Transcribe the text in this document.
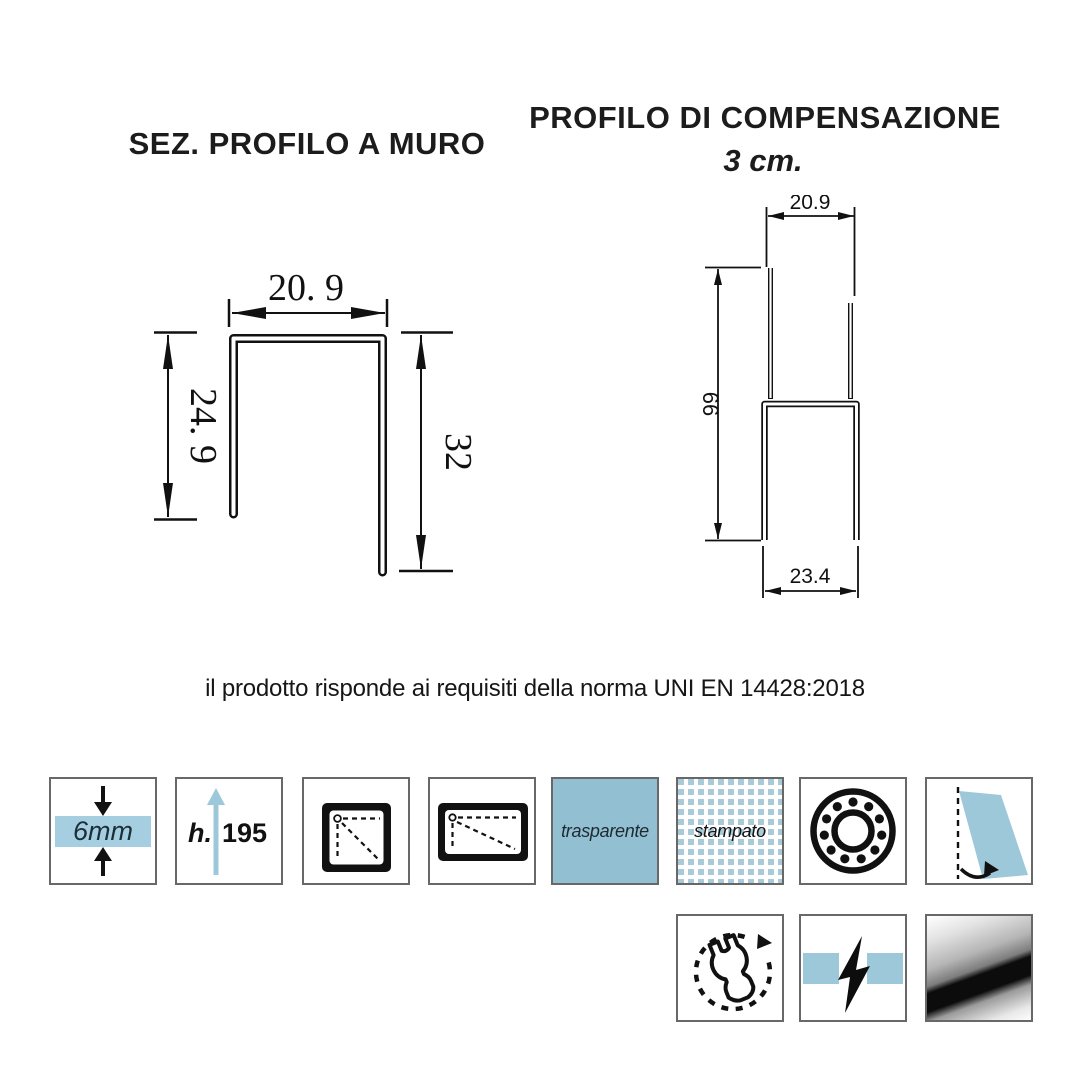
SEZ. PROFILO A MURO
PROFILO DI COMPENSAZIONE
3 cm.
20. 9
24. 9	32
20.9
66
23.4
il prodotto risponde ai requisiti della norma UNI EN 14428:2018
6mm h. 195	trasparente	stampato
